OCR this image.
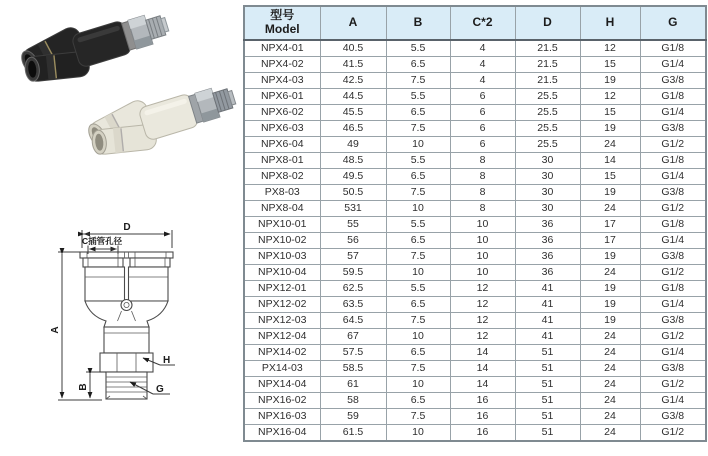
D
C插管孔径
A
B
H
G
型号
Model	A	B	C*2	D	H	G
NPX4-01	40.5	5.5	4	21.5	12	G1/8
NPX4-02	41.5	6.5	4	21.5	15	G1/4
NPX4-03	42.5	7.5	4	21.5	19	G3/8
NPX6-01	44.5	5.5	6	25.5	12	G1/8
NPX6-02	45.5	6.5	6	25.5	15	G1/4
NPX6-03	46.5	7.5	6	25.5	19	G3/8
NPX6-04	49	10	6	25.5	24	G1/2
NPX8-01	48.5	5.5	8	30	14	G1/8
NPX8-02	49.5	6.5	8	30	15	G1/4
PX8-03	50.5	7.5	8	30	19	G3/8
NPX8-04	531	10	8	30	24	G1/2
NPX10-01	55	5.5	10	36	17	G1/8
NPX10-02	56	6.5	10	36	17	G1/4
NPX10-03	57	7.5	10	36	19	G3/8
NPX10-04	59.5	10	10	36	24	G1/2
NPX12-01	62.5	5.5	12	41	19	G1/8
NPX12-02	63.5	6.5	12	41	19	G1/4
NPX12-03	64.5	7.5	12	41	19	G3/8
NPX12-04	67	10	12	41	24	G1/2
NPX14-02	57.5	6.5	14	51	24	G1/4
PX14-03	58.5	7.5	14	51	24	G3/8
NPX14-04	61	10	14	51	24	G1/2
NPX16-02	58	6.5	16	51	24	G1/4
NPX16-03	59	7.5	16	51	24	G3/8
NPX16-04	61.5	10	16	51	24	G1/2
